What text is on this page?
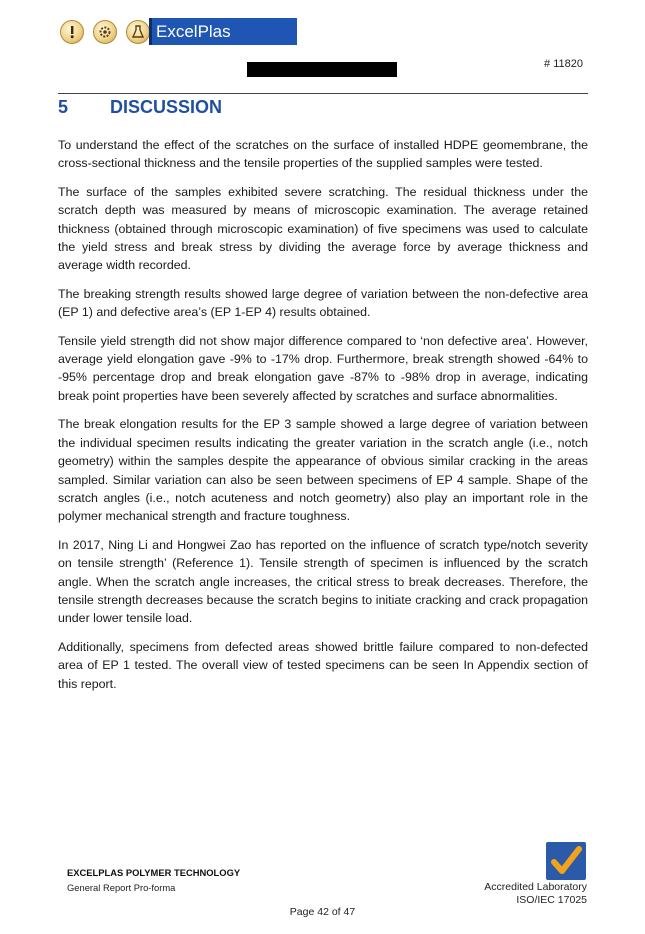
ExcelPlas
# 11820
5 DISCUSSION

To understand the effect of the scratches on the surface of installed HDPE geomembrane, the cross-sectional thickness and the tensile properties of the supplied samples were tested.

The surface of the samples exhibited severe scratching. The residual thickness under the scratch depth was measured by means of microscopic examination. The average retained thickness (obtained through microscopic examination) of five specimens was used to calculate the yield stress and break stress by dividing the average force by average thickness and average width recorded.

The breaking strength results showed large degree of variation between the non-defective area (EP 1) and defective area’s (EP 1-EP 4) results obtained.

Tensile yield strength did not show major difference compared to ‘non defective area’. However, average yield elongation gave -9% to -17% drop. Furthermore, break strength showed -64% to -95% percentage drop and break elongation gave -87% to -98% drop in average, indicating break point properties have been severely affected by scratches and surface abnormalities.

The break elongation results for the EP 3 sample showed a large degree of variation between the individual specimen results indicating the greater variation in the scratch angle (i.e., notch geometry) within the samples despite the appearance of obvious similar cracking in the areas sampled. Similar variation can also be seen between specimens of EP 4 sample. Shape of the scratch angles (i.e., notch acuteness and notch geometry) also play an important role in the polymer mechanical strength and fracture toughness.

In 2017, Ning Li and Hongwei Zao has reported on the influence of scratch type/notch severity on tensile strength’ (Reference 1). Tensile strength of specimen is influenced by the scratch angle. When the scratch angle increases, the critical stress to break decreases. Therefore, the tensile strength decreases because the scratch begins to initiate cracking and crack propagation under lower tensile load.

Additionally, specimens from defected areas showed brittle failure compared to non-defected area of EP 1 tested. The overall view of tested specimens can be seen In Appendix section of this report.

EXCELPLAS POLYMER TECHNOLOGY
General Report Pro-forma	Accredited Laboratory
ISO/IEC 17025
Page 42 of 47
